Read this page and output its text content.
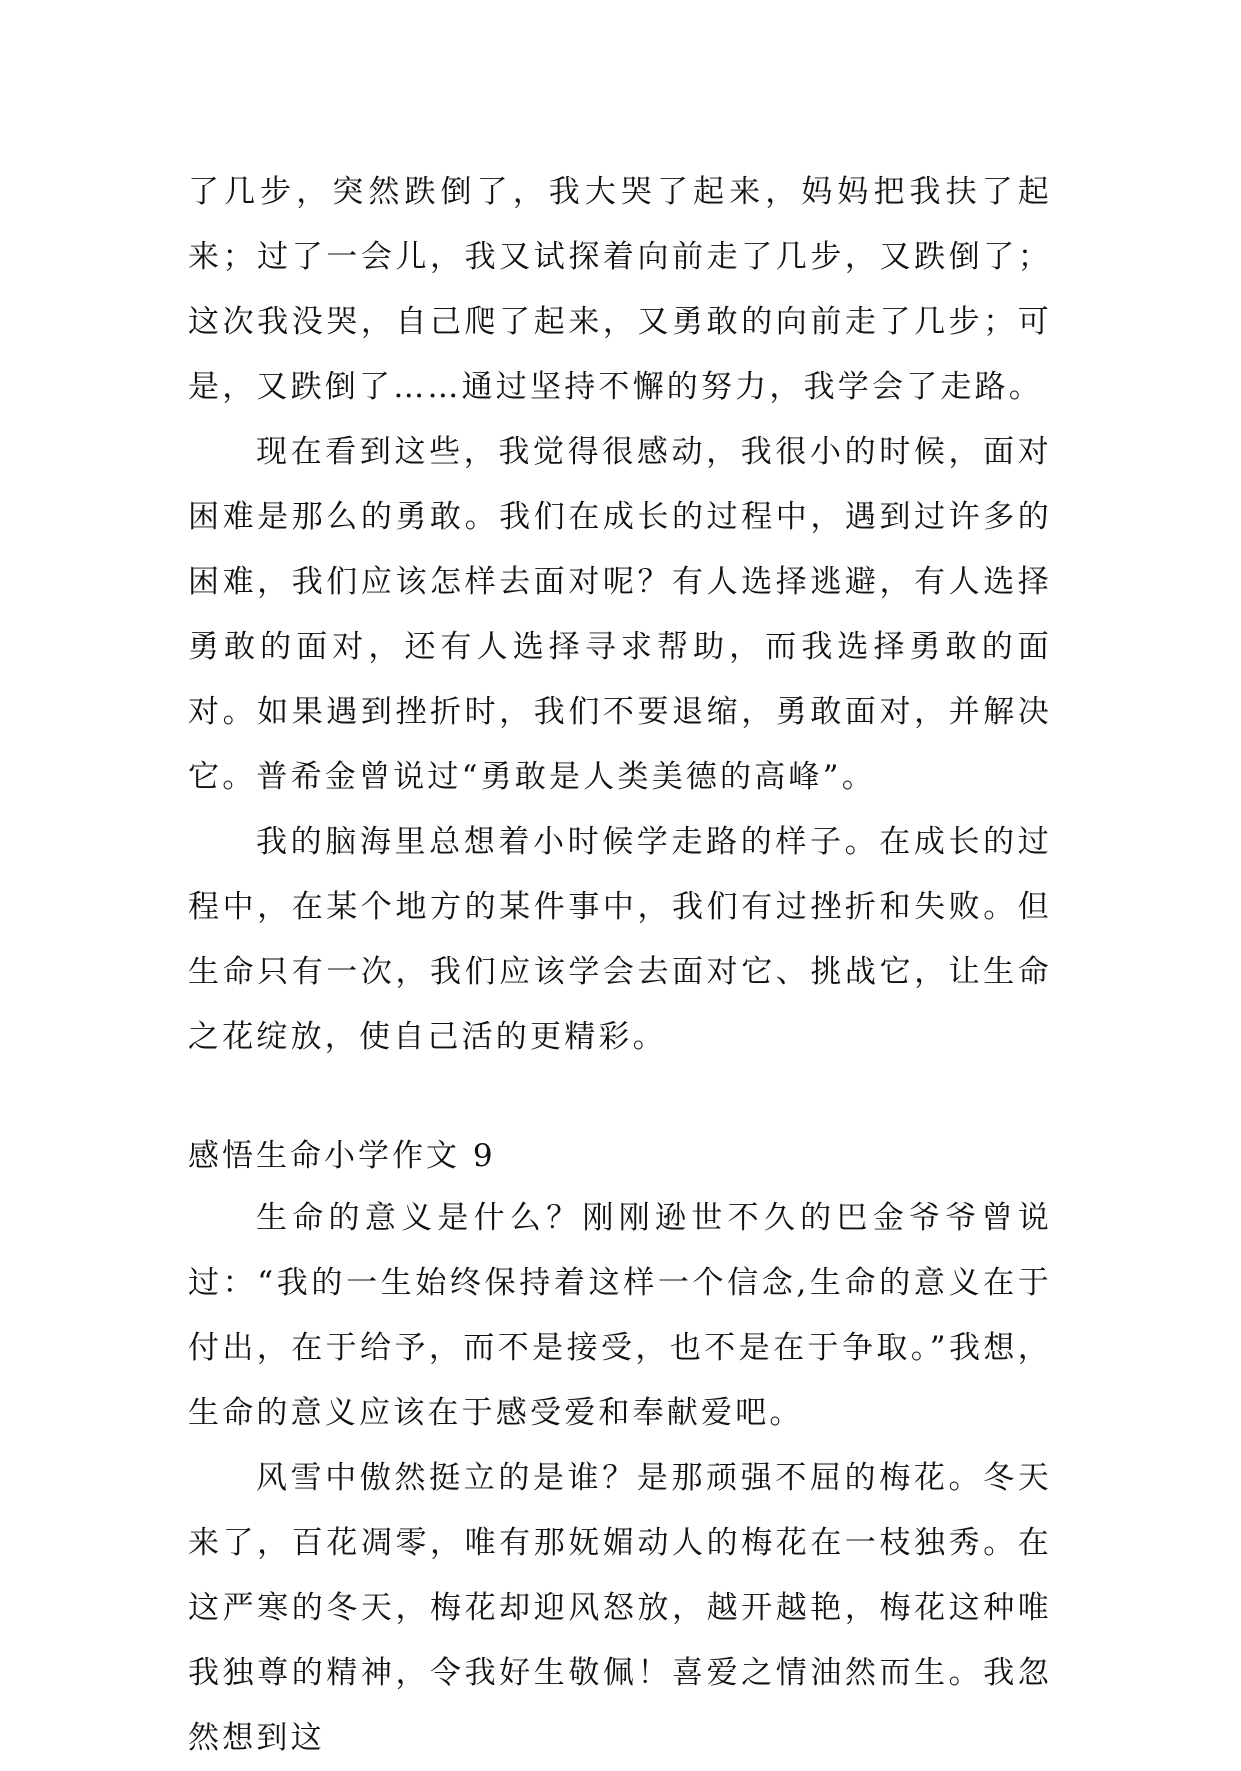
了几步，突然跌倒了，我大哭了起来，妈妈把我扶了起来；过了一会儿，我又试探着向前走了几步，又跌倒了；这次我没哭，自己爬了起来，又勇敢的向前走了几步；可是，又跌倒了……通过坚持不懈的努力，我学会了走路。

现在看到这些，我觉得很感动，我很小的时候，面对困难是那么的勇敢。我们在成长的过程中，遇到过许多的困难，我们应该怎样去面对呢？有人选择逃避，有人选择勇敢的面对，还有人选择寻求帮助，而我选择勇敢的面对。如果遇到挫折时，我们不要退缩，勇敢面对，并解决它。普希金曾说过“勇敢是人类美德的高峰”。

我的脑海里总想着小时候学走路的样子。在成长的过程中，在某个地方的某件事中，我们有过挫折和失败。但生命只有一次，我们应该学会去面对它、挑战它，让生命之花绽放，使自己活的更精彩。

感悟生命小学作文 9

生命的意义是什么？刚刚逊世不久的巴金爷爷曾说过：“我的一生始终保持着这样一个信念,生命的意义在于付出，在于给予，而不是接受，也不是在于争取。”我想，生命的意义应该在于感受爱和奉献爱吧。

风雪中傲然挺立的是谁？是那顽强不屈的梅花。冬天来了，百花凋零，唯有那妩媚动人的梅花在一枝独秀。在这严寒的冬天，梅花却迎风怒放，越开越艳，梅花这种唯我独尊的精神，令我好生敬佩！喜爱之情油然而生。我忽然想到这
